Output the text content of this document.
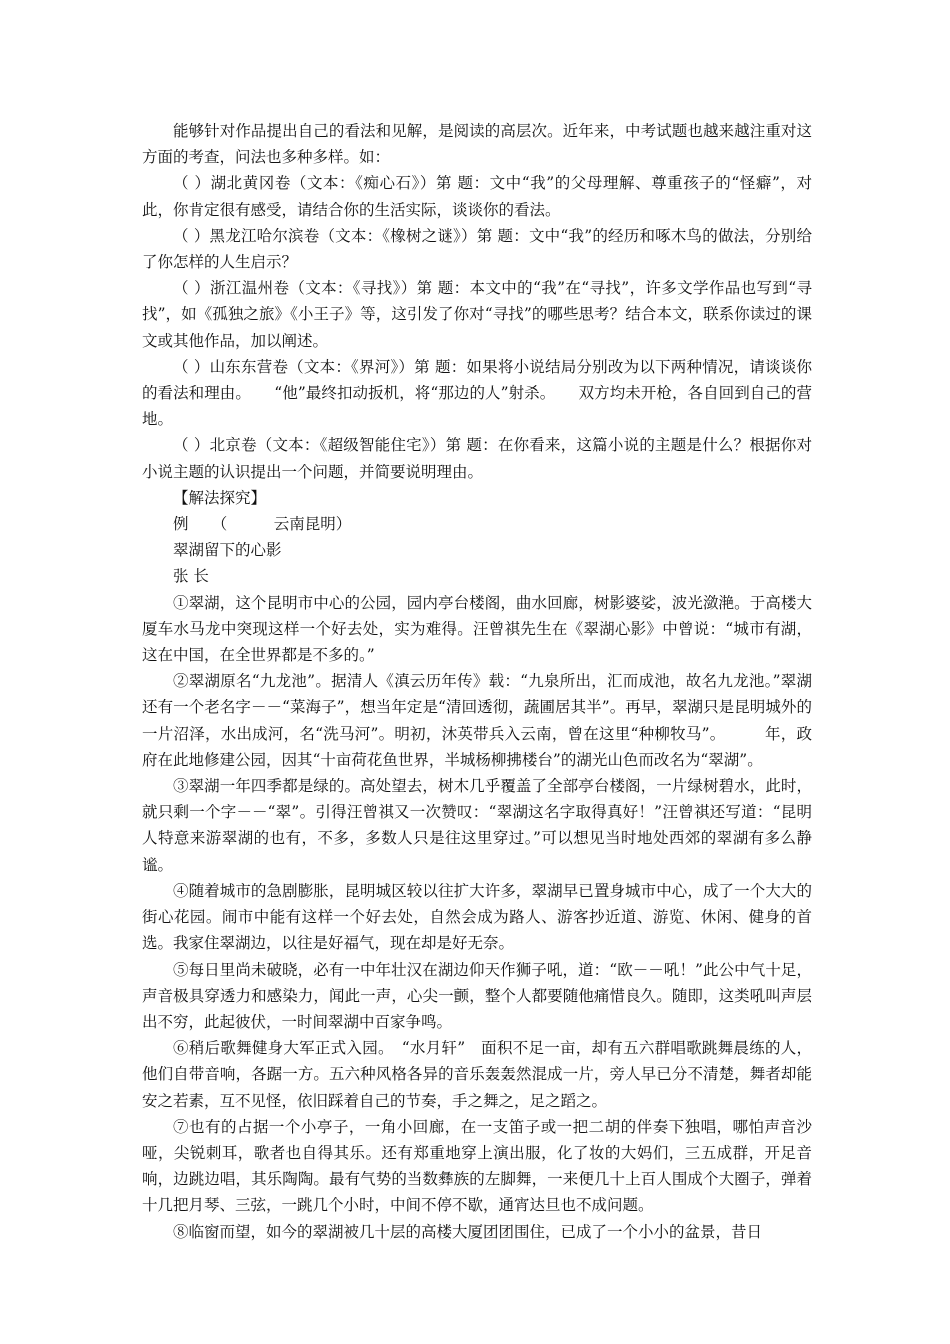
能够针对作品提出自己的看法和见解，是阅读的高层次。近年来，中考试题也越来越注重对这方面的考查，问法也多种多样。如：

（ ）湖北黄冈卷（文本：《痴心石》）第 题：文中“我”的父母理解、尊重孩子的“怪癖”，对此，你肯定很有感受，请结合你的生活实际，谈谈你的看法。

（ ）黑龙江哈尔滨卷（文本：《橡树之谜》）第 题：文中“我”的经历和啄木鸟的做法，分别给了你怎样的人生启示？

（ ）浙江温州卷（文本：《寻找》）第 题：本文中的“我”在“寻找”，许多文学作品也写到“寻找”，如《孤独之旅》《小王子》等，这引发了你对“寻找”的哪些思考？结合本文，联系你读过的课文或其他作品，加以阐述。

（ ）山东东营卷（文本：《界河》）第 题：如果将小说结局分别改为以下两种情况，请谈谈你的看法和理由。　　“他”最终扣动扳机，将“那边的人”射杀。　　双方均未开枪，各自回到自己的营地。

（ ）北京卷（文本：《超级智能住宅》）第 题：在你看来，这篇小说的主题是什么？根据你对小说主题的认识提出一个问题，并简要说明理由。

【解法探究】

例　　（　　　云南昆明）

翠湖留下的心影

张 长

①翠湖，这个昆明市中心的公园，园内亭台楼阁，曲水回廊，树影婆娑，波光潋滟。于高楼大厦车水马龙中突现这样一个好去处，实为难得。汪曾祺先生在《翠湖心影》中曾说：“城市有湖，这在中国，在全世界都是不多的。”

②翠湖原名“九龙池”。据清人《滇云历年传》载：“九泉所出，汇而成池，故名九龙池。”翠湖还有一个老名字－－“菜海子”，想当年定是“清回透彻，蔬圃居其半”。再早，翠湖只是昆明城外的一片沼泽，水出成河，名“洗马河”。明初，沐英带兵入云南，曾在这里“种柳牧马”。　　　年，政府在此地修建公园，因其“十亩荷花鱼世界，半城杨柳拂楼台”的湖光山色而改名为“翠湖”。

③翠湖一年四季都是绿的。高处望去，树木几乎覆盖了全部亭台楼阁，一片绿树碧水，此时，就只剩一个字－－“翠”。引得汪曾祺又一次赞叹：“翠湖这名字取得真好！”汪曾祺还写道：“昆明人特意来游翠湖的也有，不多，多数人只是往这里穿过。”可以想见当时地处西郊的翠湖有多么静谧。

④随着城市的急剧膨胀，昆明城区较以往扩大许多，翠湖早已置身城市中心，成了一个大大的街心花园。闹市中能有这样一个好去处，自然会成为路人、游客抄近道、游览、休闲、健身的首选。我家住翠湖边，以往是好福气，现在却是好无奈。

⑤每日里尚未破晓，必有一中年壮汉在湖边仰天作狮子吼，道：“欧－－吼！”此公中气十足，声音极具穿透力和感染力，闻此一声，心尖一颤，整个人都要随他痛惜良久。随即，这类吼叫声层出不穷，此起彼伏，一时间翠湖中百家争鸣。

⑥稍后歌舞健身大军正式入园。　“水月轩”　面积不足一亩，却有五六群唱歌跳舞晨练的人，他们自带音响，各踞一方。五六种风格各异的音乐轰轰然混成一片，旁人早已分不清楚，舞者却能安之若素，互不见怪，依旧踩着自己的节奏，手之舞之，足之蹈之。

⑦也有的占据一个小亭子，一角小回廊，在一支笛子或一把二胡的伴奏下独唱，哪怕声音沙哑，尖锐刺耳，歌者也自得其乐。还有郑重地穿上演出服，化了妆的大妈们，三五成群，开足音响，边跳边唱，其乐陶陶。最有气势的当数彝族的左脚舞，一来便几十上百人围成个大圈子，弹着十几把月琴、三弦，一跳几个小时，中间不停不歇，通宵达旦也不成问题。

⑧临窗而望，如今的翠湖被几十层的高楼大厦团团围住，已成了一个小小的盆景，昔日
